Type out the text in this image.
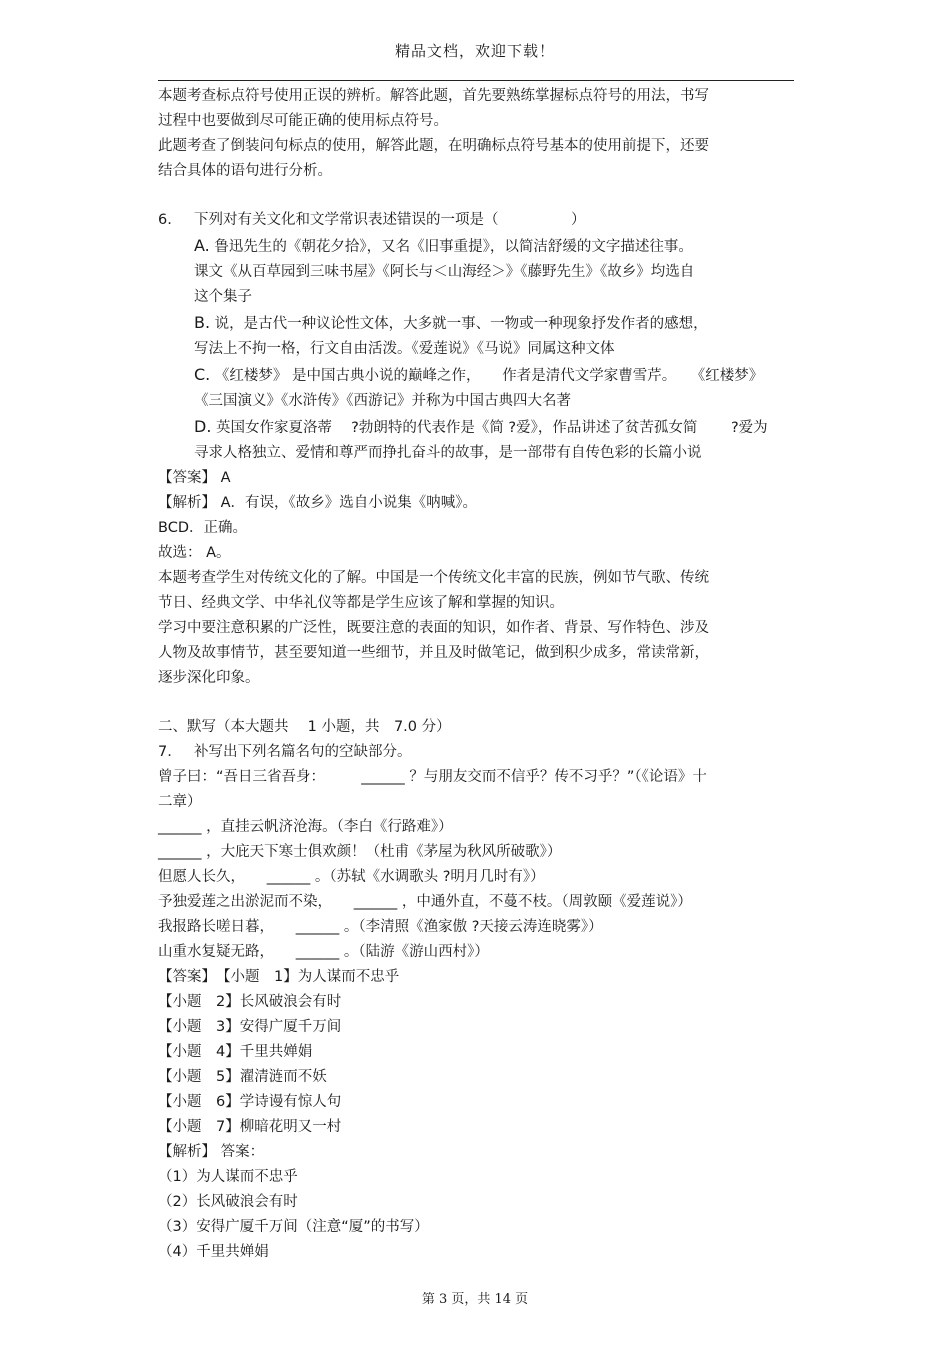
精品文档，欢迎下载！

本题考查标点符号使用正误的辨析。解答此题，首先要熟练掌握标点符号的用法，书写

过程中也要做到尽可能正确的使用标点符号。

此题考查了倒装问句标点的使用，解答此题，在明确标点符号基本的使用前提下，还要

结合具体的语句进行分析。

6. 下列对有关文化和文学常识表述错误的一项是（　　　　　）

A. 鲁迅先生的《朝花夕拾》，又名《旧事重提》，以简洁舒缓的文字描述往事。

课文《从百草园到三味书屋》《阿长与＜山海经＞》《藤野先生》《故乡》均选自

这个集子

B. 说，是古代一种议论性文体，大多就一事、一物或一种现象抒发作者的感想，

写法上不拘一格，行文自由活泼。《爱莲说》《马说》同属这种文体

C. 《红楼梦》 是中国古典小说的巅峰之作，　　作者是清代文学家曹雪芹。　　《红楼梦》

《三国演义》《水浒传》《西游记》并称为中国古典四大名著

D. 英国女作家夏洛蒂　 ?勃朗特的代表作是《简 ?爱》，作品讲述了贫苦孤女简　　 ?爱为

寻求人格独立、爱情和尊严而挣扎奋斗的故事，是一部带有自传色彩的长篇小说

【答案】 A

【解析】 A．有误，《故乡》选自小说集《呐喊》。

BCD．正确。

故选： A。

本题考查学生对传统文化的了解。中国是一个传统文化丰富的民族，例如节气歌、传统

节日、经典文学、中华礼仪等都是学生应该了解和掌握的知识。

学习中要注意积累的广泛性，既要注意的表面的知识，如作者、背景、写作特色、涉及

人物及故事情节，甚至要知道一些细节，并且及时做笔记，做到积少成多，常读常新，

逐步深化印象。

二、默写（本大题共　 1 小题，共　7.0 分）

7. 补写出下列名篇名句的空缺部分。

曾子曰：“吾日三省吾身：　　　______ ？与朋友交而不信乎？传不习乎？”（《论语》十

二章）

______ ，直挂云帆济沧海。（李白《行路难》）

______ ，大庇天下寒士俱欢颜！（杜甫《茅屋为秋风所破歌》）

但愿人长久，　　______ 。（苏轼《水调歌头 ?明月几时有》）

予独爱莲之出淤泥而不染，　　______ ，中通外直，不蔓不枝。（周敦颐《爱莲说》）

我报路长嗟日暮，　　______ 。（李清照《渔家傲 ?天接云涛连晓雾》）

山重水复疑无路，　　______ 。（陆游《游山西村》）

【答案】　【小题　1】为人谋而不忠乎

【小题　2】长风破浪会有时

【小题　3】安得广厦千万间

【小题　4】千里共婵娟

【小题　5】濯清涟而不妖

【小题　6】学诗谩有惊人句

【小题　7】柳暗花明又一村

【解析】 答案：

（1）为人谋而不忠乎

（2）长风破浪会有时

（3）安得广厦千万间（注意“厦”的书写）

（4）千里共婵娟

第 3 页，共 14 页
